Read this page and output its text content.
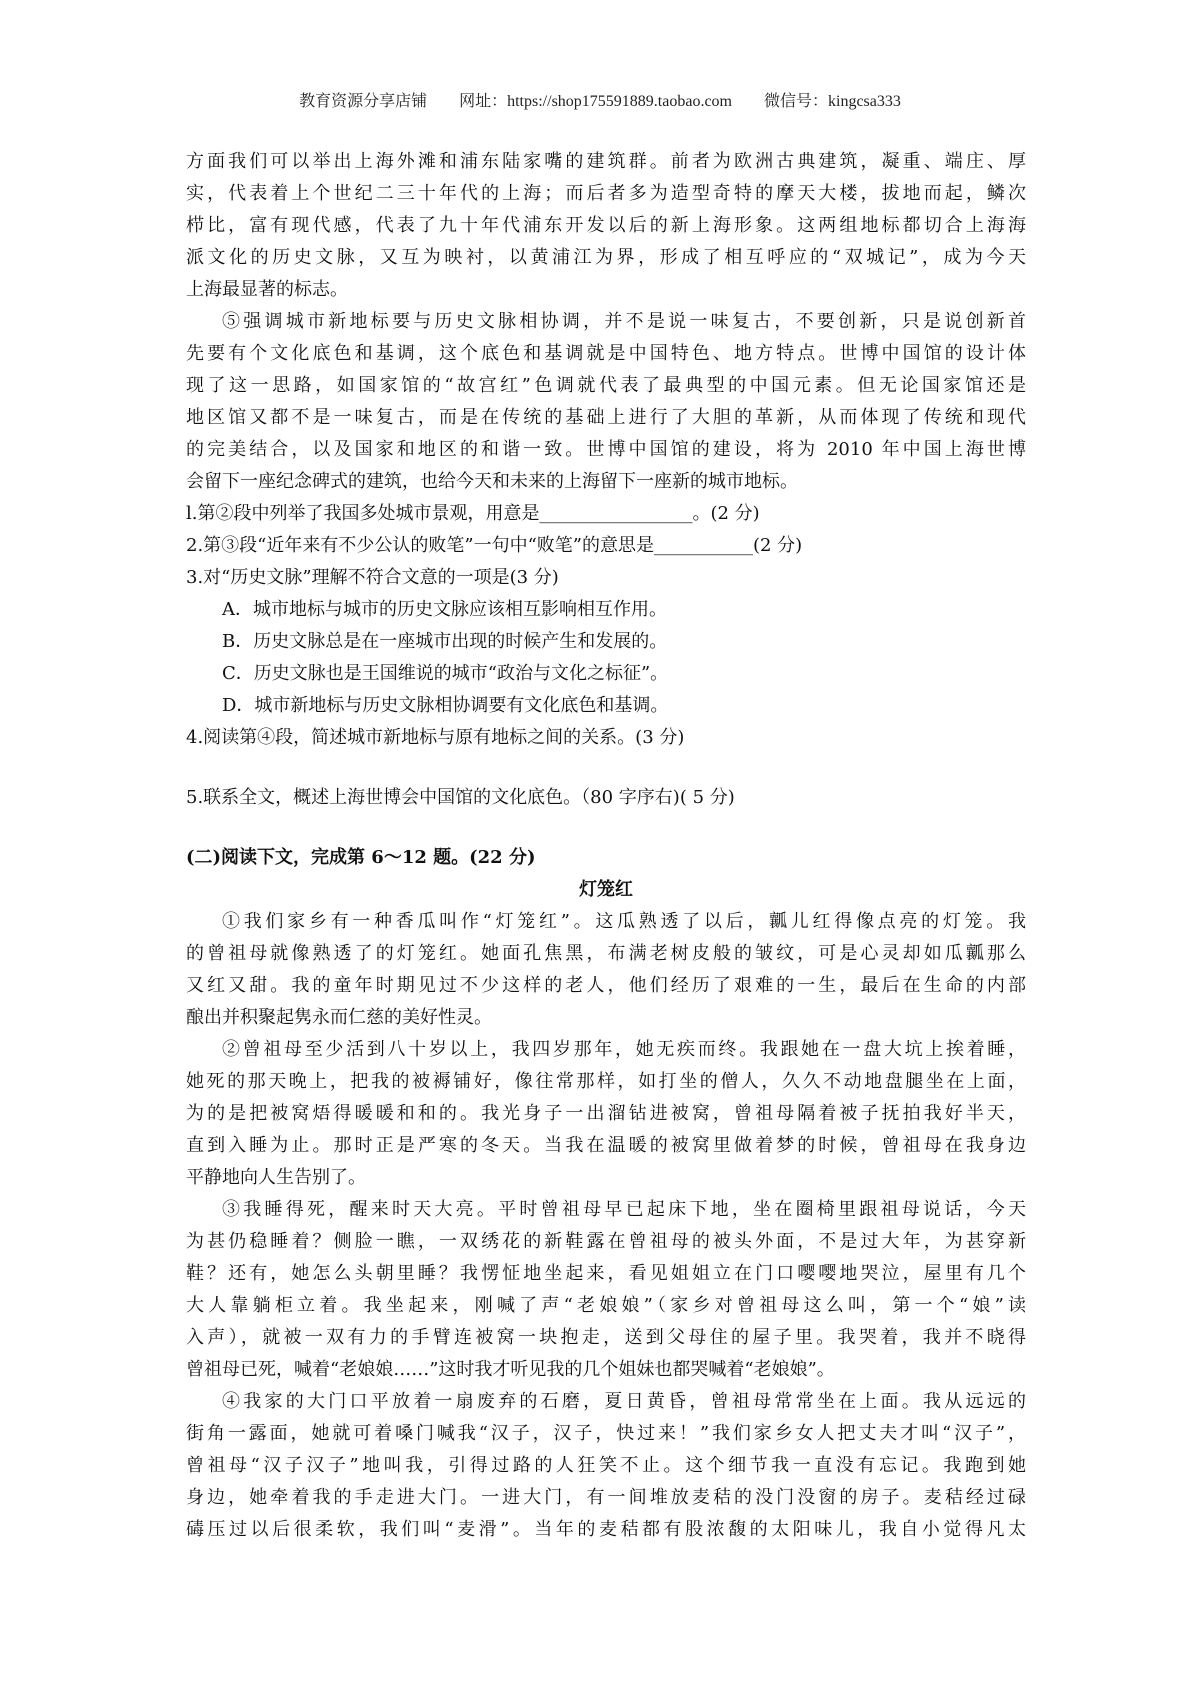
教育资源分享店铺 网址：https://shop175591889.taobao.com 微信号：kingcsa333
方面我们可以举出上海外滩和浦东陆家嘴的建筑群。前者为欧洲古典建筑，凝重、端庄、厚
实，代表着上个世纪二三十年代的上海；而后者多为造型奇特的摩天大楼，拔地而起，鳞次
栉比，富有现代感，代表了九十年代浦东开发以后的新上海形象。这两组地标都切合上海海
派文化的历史文脉，又互为映衬，以黄浦江为界，形成了相互呼应的“双城记”，成为今天
上海最显著的标志。
⑤强调城市新地标要与历史文脉相协调，并不是说一味复古，不要创新，只是说创新首
先要有个文化底色和基调，这个底色和基调就是中国特色、地方特点。世博中国馆的设计体
现了这一思路，如国家馆的“故宫红”色调就代表了最典型的中国元素。但无论国家馆还是
地区馆又都不是一味复古，而是在传统的基础上进行了大胆的革新，从而体现了传统和现代
的完美结合，以及国家和地区的和谐一致。世博中国馆的建设，将为 2010 年中国上海世博
会留下一座纪念碑式的建筑，也给今天和未来的上海留下一座新的城市地标。
l.第②段中列举了我国多处城市景观，用意是_________________。(2 分)
2.第③段“近年来有不少公认的败笔”一句中“败笔”的意思是___________(2 分)
3.对“历史文脉”理解不符合文意的一项是(3 分)
A．城市地标与城市的历史文脉应该相互影响相互作用。
B．历史文脉总是在一座城市出现的时候产生和发展的。
C．历史文脉也是王国维说的城市“政治与文化之标征”。
D．城市新地标与历史文脉相协调要有文化底色和基调。
4.阅读第④段，简述城市新地标与原有地标之间的关系。(3 分)
5.联系全文，概述上海世博会中国馆的文化底色。（80 字序右)( 5 分)
(二)阅读下文，完成第 6～12 题。(22 分)
灯笼红
①我们家乡有一种香瓜叫作“灯笼红”。这瓜熟透了以后，瓤儿红得像点亮的灯笼。我
的曾祖母就像熟透了的灯笼红。她面孔焦黑，布满老树皮般的皱纹，可是心灵却如瓜瓤那么
又红又甜。我的童年时期见过不少这样的老人，他们经历了艰难的一生，最后在生命的内部
酿出并积聚起隽永而仁慈的美好性灵。
②曾祖母至少活到八十岁以上，我四岁那年，她无疾而终。我跟她在一盘大坑上挨着睡，
她死的那天晚上，把我的被褥铺好，像往常那样，如打坐的僧人，久久不动地盘腿坐在上面，
为的是把被窝焐得暖暖和和的。我光身子一出溜钻进被窝，曾祖母隔着被子抚拍我好半天，
直到入睡为止。那时正是严寒的冬天。当我在温暖的被窝里做着梦的时候，曾祖母在我身边
平静地向人生告别了。
③我睡得死，醒来时天大亮。平时曾祖母早已起床下地，坐在圈椅里跟祖母说话，今天
为甚仍稳睡着？侧脸一瞧，一双绣花的新鞋露在曾祖母的被头外面，不是过大年，为甚穿新
鞋？还有，她怎么头朝里睡？我愣怔地坐起来，看见姐姐立在门口嘤嘤地哭泣，屋里有几个
大人靠躺柜立着。我坐起来，刚喊了声“老娘娘”（家乡对曾祖母这么叫，第一个“娘”读
入声），就被一双有力的手臂连被窝一块抱走，送到父母住的屋子里。我哭着，我并不晓得
曾祖母已死，喊着“老娘娘……”这时我才听见我的几个姐妹也都哭喊着“老娘娘”。
④我家的大门口平放着一扇废弃的石磨，夏日黄昏，曾祖母常常坐在上面。我从远远的
街角一露面，她就可着嗓门喊我“汉子，汉子，快过来！”我们家乡女人把丈夫才叫“汉子”，
曾祖母“汉子汉子”地叫我，引得过路的人狂笑不止。这个细节我一直没有忘记。我跑到她
身边，她牵着我的手走进大门。一进大门，有一间堆放麦秸的没门没窗的房子。麦秸经过碌
碡压过以后很柔软，我们叫“麦滑”。当年的麦秸都有股浓馥的太阳味儿，我自小觉得凡太
